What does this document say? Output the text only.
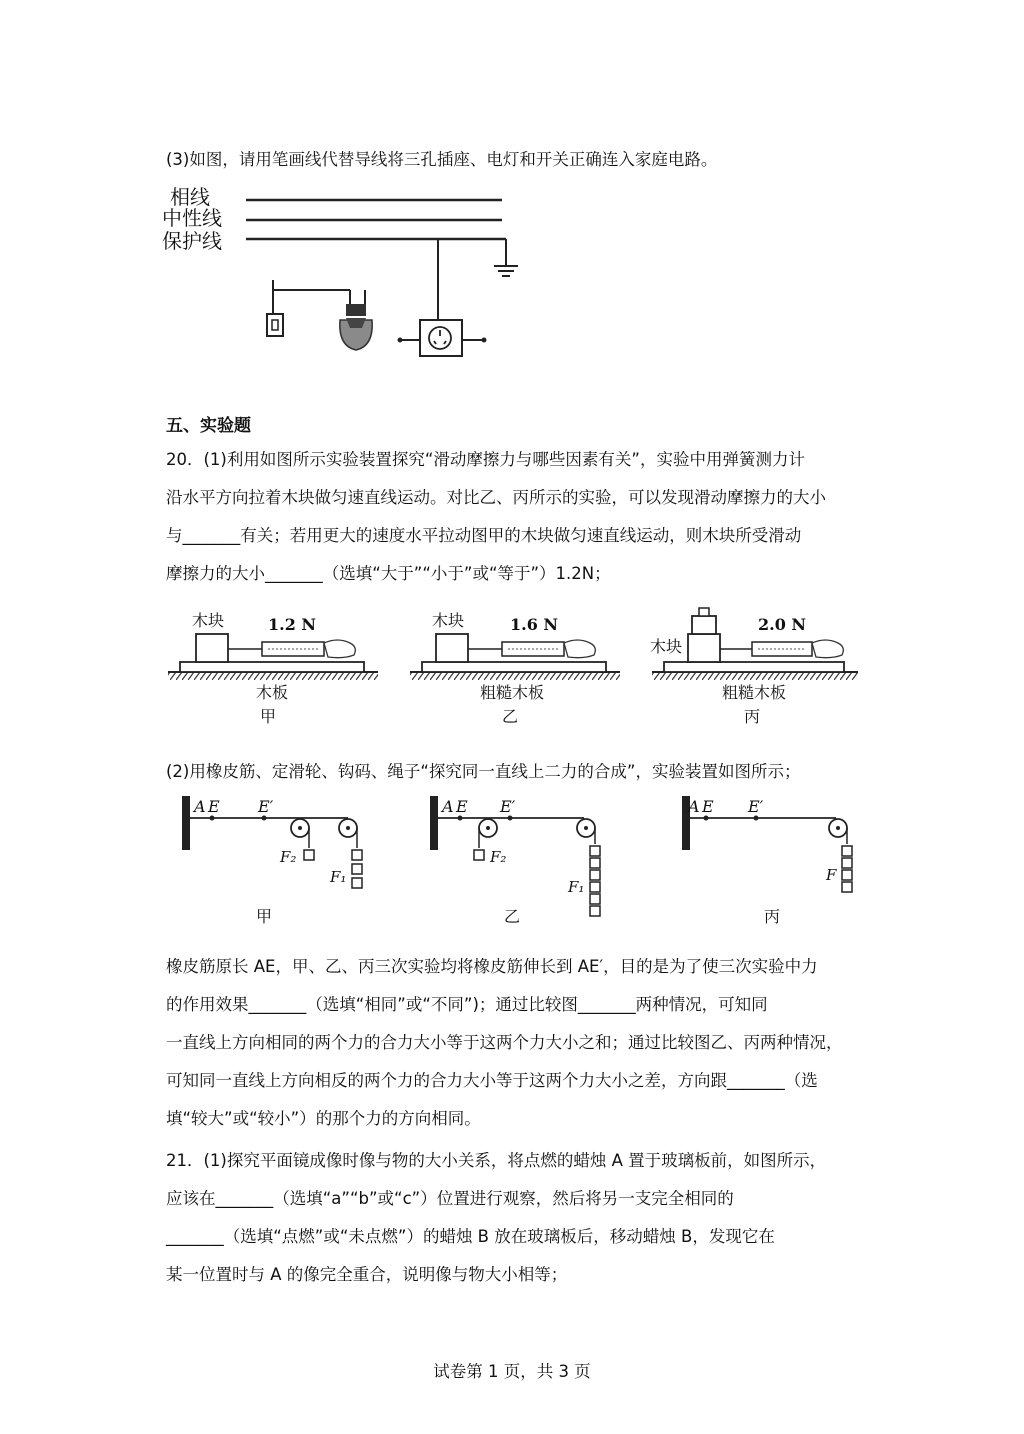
(3)如图，请用笔画线代替导线将三孔插座、电灯和开关正确连入家庭电路。
相线
中性线
保护线
五、实验题
20．(1)利用如图所示实验装置探究“滑动摩擦力与哪些因素有关”，实验中用弹簧测力计
沿水平方向拉着木块做匀速直线运动。对比乙、丙所示的实验，可以发现滑动摩擦力的大小
与_______有关；若用更大的速度水平拉动图甲的木块做匀速直线运动，则木块所受滑动
摩擦力的大小_______（选填“大于”“小于”或“等于”）1.2N；
木块	1.2 N
木板
甲
木块	1.6 N
粗糙木板
乙
木块
2.0 N
粗糙木板
丙
(2)用橡皮筋、定滑轮、钩码、绳子“探究同一直线上二力的合成”，实验装置如图所示；
A E E′
F₂
F₁
甲
A E E′
F₂
F₁
乙
A E E′
F
丙
橡皮筋原长 AE，甲、乙、丙三次实验均将橡皮筋伸长到 AE′，目的是为了使三次实验中力
的作用效果_______（选填“相同”或“不同”)；通过比较图_______两种情况，可知同
一直线上方向相同的两个力的合力大小等于这两个力大小之和；通过比较图乙、丙两种情况，
可知同一直线上方向相反的两个力的合力大小等于这两个力大小之差，方向跟_______（选
填“较大”或“较小”）的那个力的方向相同。
21．(1)探究平面镜成像时像与物的大小关系，将点燃的蜡烛 A 置于玻璃板前，如图所示，
应该在_______（选填“a”“b”或“c”）位置进行观察，然后将另一支完全相同的
_______（选填“点燃”或“未点燃”）的蜡烛 B 放在玻璃板后，移动蜡烛 B，发现它在
某一位置时与 A 的像完全重合，说明像与物大小相等；
试卷第 1 页，共 3 页
